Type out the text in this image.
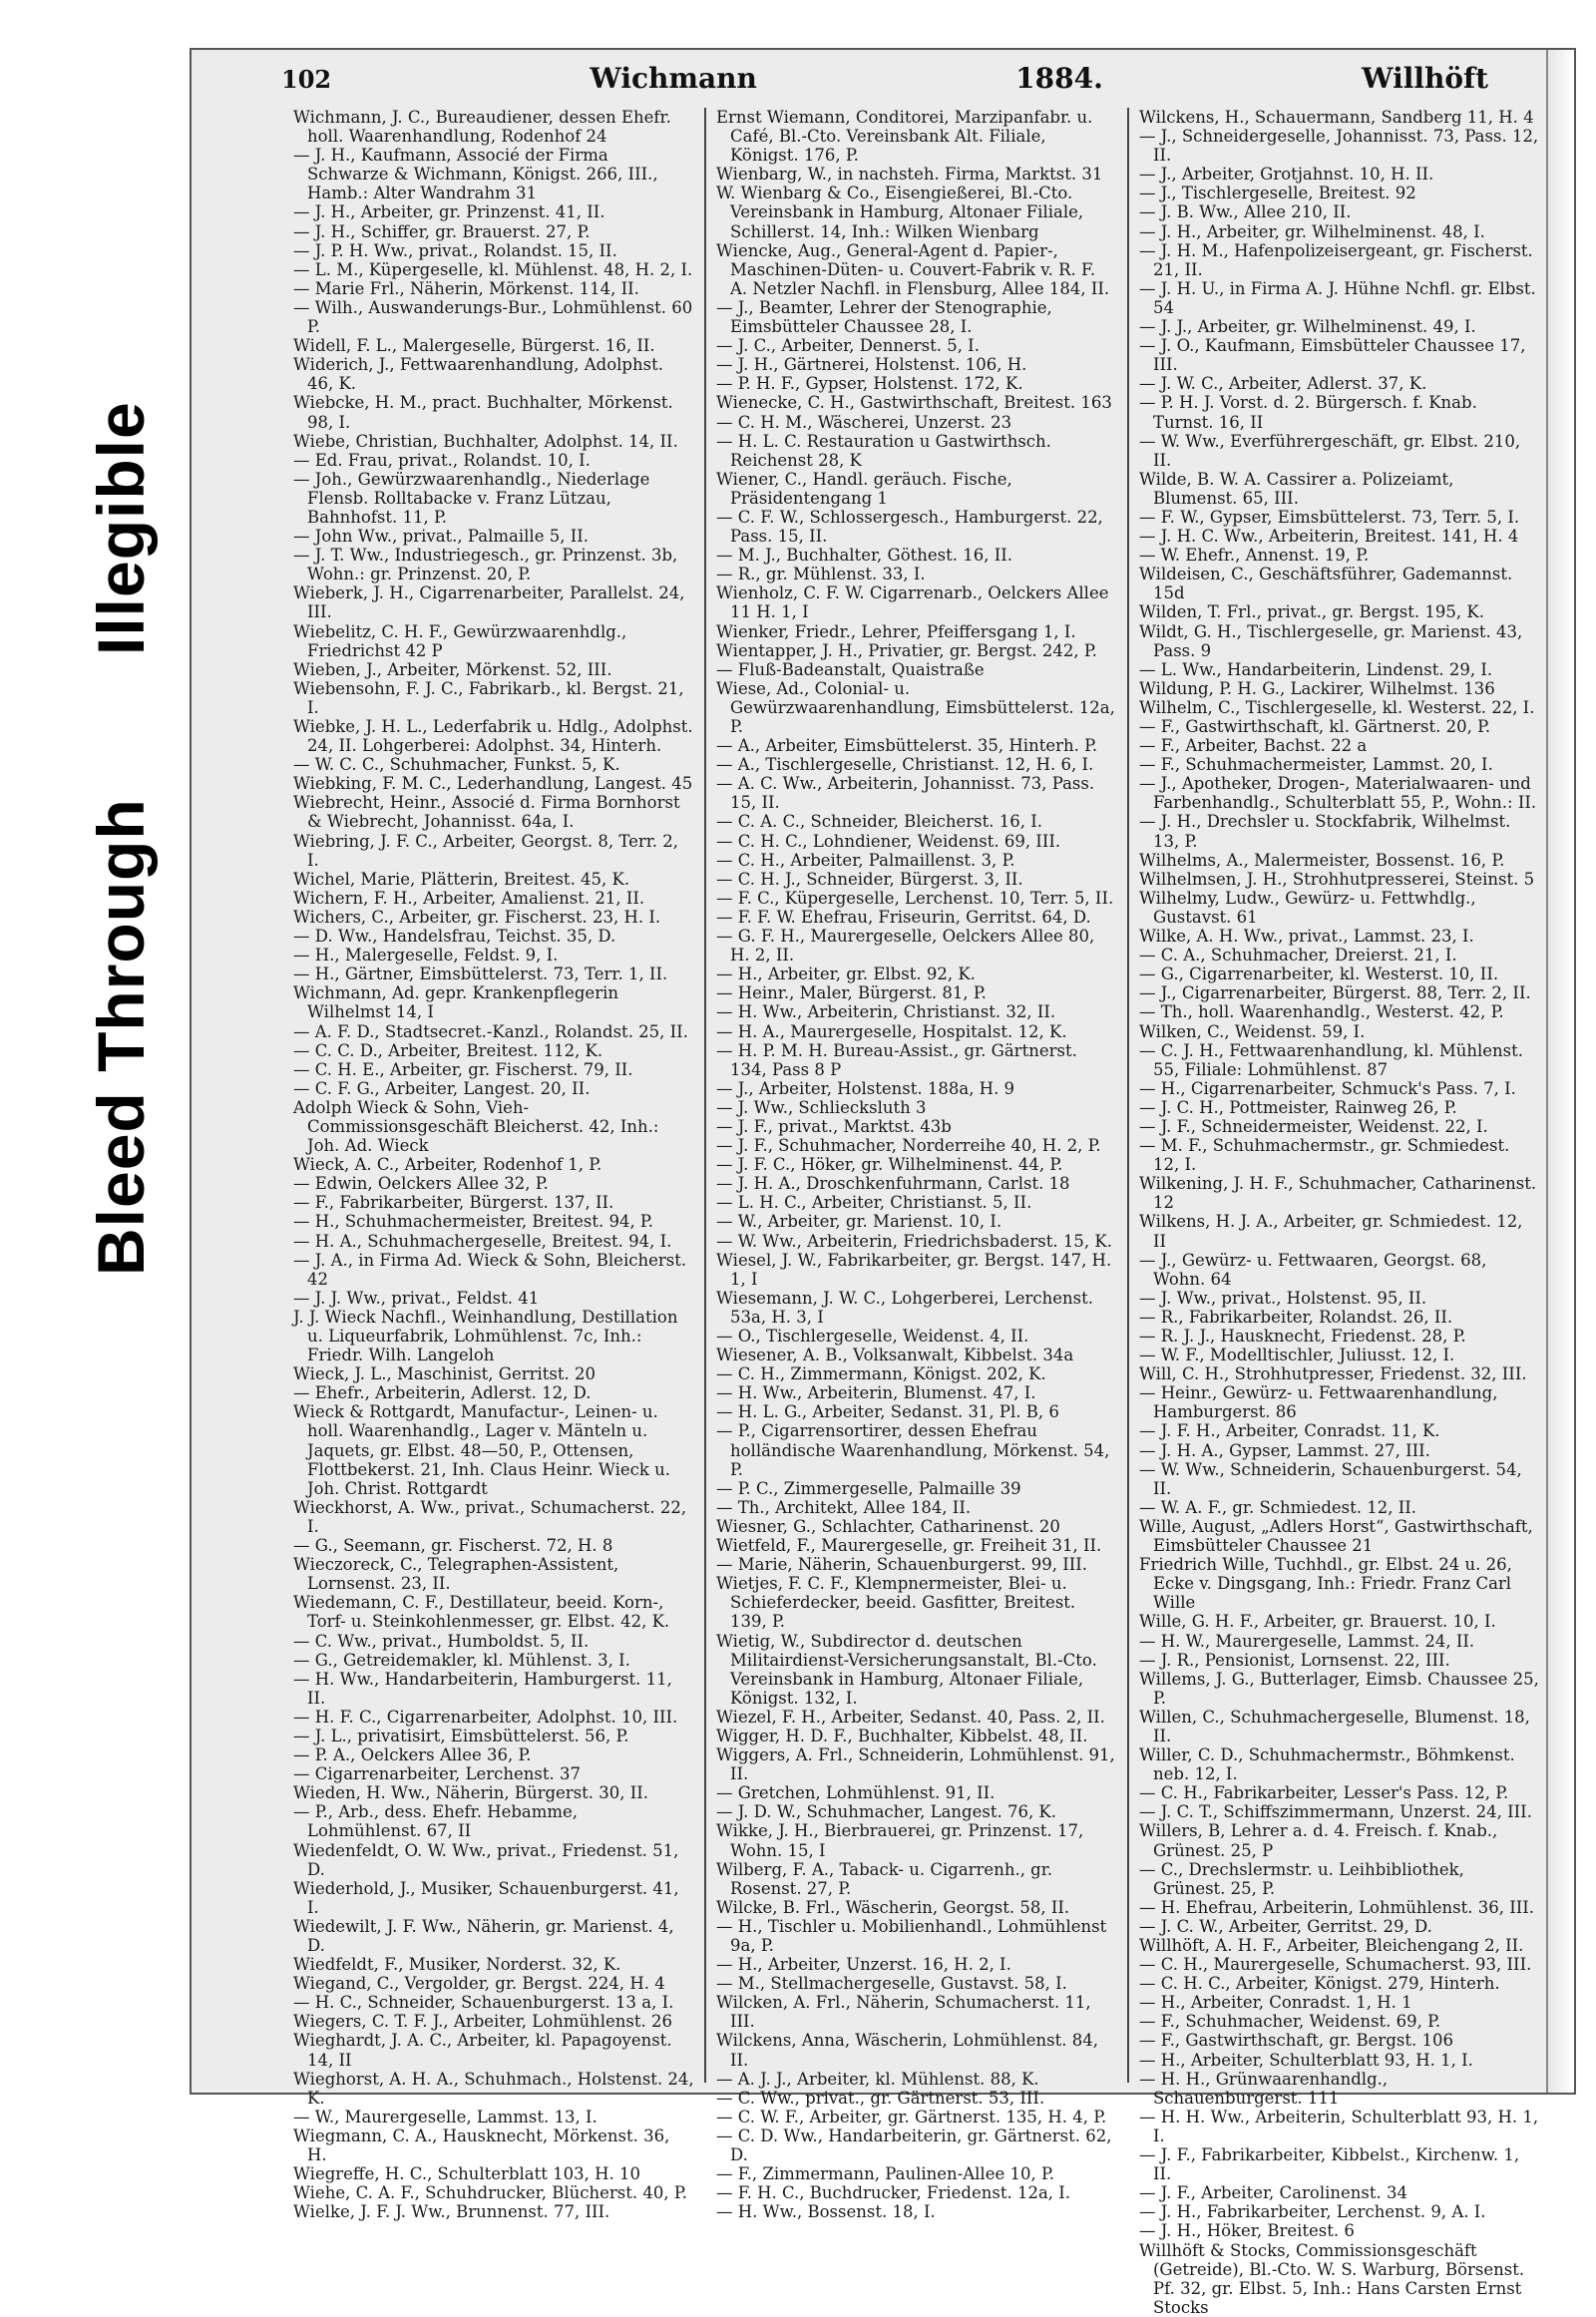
Illegible
Bleed Through
102	Wichmann	1884.	Willhöft
Wichmann, J. C., Bureaudiener, dessen Ehefr. holl. Waarenhandlung, Rodenhof 24
— J. H., Kaufmann, Associé der Firma Schwarze & Wichmann, Königst. 266, III., Hamb.: Alter Wandrahm 31
— J. H., Arbeiter, gr. Prinzenst. 41, II.
— J. H., Schiffer, gr. Brauerst. 27, P.
— J. P. H. Ww., privat., Rolandst. 15, II.
— L. M., Küpergeselle, kl. Mühlenst. 48, H. 2, I.
— Marie Frl., Näherin, Mörkenst. 114, II.
— Wilh., Auswanderungs-Bur., Lohmühlenst. 60 P.
Widell, F. L., Malergeselle, Bürgerst. 16, II.
Widerich, J., Fettwaarenhandlung, Adolphst. 46, K.
Wiebcke, H. M., pract. Buchhalter, Mörkenst. 98, I.
Wiebe, Christian, Buchhalter, Adolphst. 14, II.
— Ed. Frau, privat., Rolandst. 10, I.
— Joh., Gewürzwaarenhandlg., Niederlage Flensb. Rolltabacke v. Franz Lützau, Bahnhofst. 11, P.
— John Ww., privat., Palmaille 5, II.
— J. T. Ww., Industriegesch., gr. Prinzenst. 3b, Wohn.: gr. Prinzenst. 20, P.
Wieberk, J. H., Cigarrenarbeiter, Parallelst. 24, III.
Wiebelitz, C. H. F., Gewürzwaarenhdlg., Friedrichst 42 P
Wieben, J., Arbeiter, Mörkenst. 52, III.
Wiebensohn, F. J. C., Fabrikarb., kl. Bergst. 21, I.
Wiebke, J. H. L., Lederfabrik u. Hdlg., Adolphst. 24, II. Lohgerberei: Adolphst. 34, Hinterh.
— W. C. C., Schuhmacher, Funkst. 5, K.
Wiebking, F. M. C., Lederhandlung, Langest. 45
Wiebrecht, Heinr., Associé d. Firma Bornhorst & Wiebrecht, Johannisst. 64a, I.
Wiebring, J. F. C., Arbeiter, Georgst. 8, Terr. 2, I.
Wichel, Marie, Plätterin, Breitest. 45, K.
Wichern, F. H., Arbeiter, Amalienst. 21, II.
Wichers, C., Arbeiter, gr. Fischerst. 23, H. I.
— D. Ww., Handelsfrau, Teichst. 35, D.
— H., Malergeselle, Feldst. 9, I.
— H., Gärtner, Eimsbüttelerst. 73, Terr. 1, II.
Wichmann, Ad. gepr. Krankenpflegerin Wilhelmst 14, I
— A. F. D., Stadtsecret.-Kanzl., Rolandst. 25, II.
— C. C. D., Arbeiter, Breitest. 112, K.
— C. H. E., Arbeiter, gr. Fischerst. 79, II.
— C. F. G., Arbeiter, Langest. 20, II.
Adolph Wieck & Sohn, Vieh-Commissionsgeschäft Bleicherst. 42, Inh.: Joh. Ad. Wieck
Wieck, A. C., Arbeiter, Rodenhof 1, P.
— Edwin, Oelckers Allee 32, P.
— F., Fabrikarbeiter, Bürgerst. 137, II.
— H., Schuhmachermeister, Breitest. 94, P.
— H. A., Schuhmachergeselle, Breitest. 94, I.
— J. A., in Firma Ad. Wieck & Sohn, Bleicherst. 42
— J. J. Ww., privat., Feldst. 41
J. J. Wieck Nachfl., Weinhandlung, Destillation u. Liqueurfabrik, Lohmühlenst. 7c, Inh.: Friedr. Wilh. Langeloh
Wieck, J. L., Maschinist, Gerritst. 20
— Ehefr., Arbeiterin, Adlerst. 12, D.
Wieck & Rottgardt, Manufactur-, Leinen- u. holl. Waarenhandlg., Lager v. Mänteln u. Jaquets, gr. Elbst. 48—50, P., Ottensen, Flottbekerst. 21, Inh. Claus Heinr. Wieck u. Joh. Christ. Rottgardt
Wieckhorst, A. Ww., privat., Schumacherst. 22, I.
— G., Seemann, gr. Fischerst. 72, H. 8
Wieczoreck, C., Telegraphen-Assistent, Lornsenst. 23, II.
Wiedemann, C. F., Destillateur, beeid. Korn-, Torf- u. Steinkohlenmesser, gr. Elbst. 42, K.
— C. Ww., privat., Humboldst. 5, II.
— G., Getreidemakler, kl. Mühlenst. 3, I.
— H. Ww., Handarbeiterin, Hamburgerst. 11, II.
— H. F. C., Cigarrenarbeiter, Adolphst. 10, III.
— J. L., privatisirt, Eimsbüttelerst. 56, P.
— P. A., Oelckers Allee 36, P.
— Cigarrenarbeiter, Lerchenst. 37
Wieden, H. Ww., Näherin, Bürgerst. 30, II.
— P., Arb., dess. Ehefr. Hebamme, Lohmühlenst. 67, II
Wiedenfeldt, O. W. Ww., privat., Friedenst. 51, D.
Wiederhold, J., Musiker, Schauenburgerst. 41, I.
Wiedewilt, J. F. Ww., Näherin, gr. Marienst. 4, D.
Wiedfeldt, F., Musiker, Norderst. 32, K.
Wiegand, C., Vergolder, gr. Bergst. 224, H. 4
— H. C., Schneider, Schauenburgerst. 13 a, I.
Wiegers, C. T. F. J., Arbeiter, Lohmühlenst. 26
Wieghardt, J. A. C., Arbeiter, kl. Papagoyenst. 14, II
Wieghorst, A. H. A., Schuhmach., Holstenst. 24, K.
— W., Maurergeselle, Lammst. 13, I.
Wiegmann, C. A., Hausknecht, Mörkenst. 36, H.
Wiegreffe, H. C., Schulterblatt 103, H. 10
Wiehe, C. A. F., Schuhdrucker, Blücherst. 40, P.
Wielke, J. F. J. Ww., Brunnenst. 77, III.
Ernst Wiemann, Conditorei, Marzipanfabr. u. Café, Bl.-Cto. Vereinsbank Alt. Filiale, Königst. 176, P.
Wienbarg, W., in nachsteh. Firma, Marktst. 31
W. Wienbarg & Co., Eisengießerei, Bl.-Cto. Vereinsbank in Hamburg, Altonaer Filiale, Schillerst. 14, Inh.: Wilken Wienbarg
Wiencke, Aug., General-Agent d. Papier-, Maschinen-Düten- u. Couvert-Fabrik v. R. F. A. Netzler Nachfl. in Flensburg, Allee 184, II.
— J., Beamter, Lehrer der Stenographie, Eimsbütteler Chaussee 28, I.
— J. C., Arbeiter, Dennerst. 5, I.
— J. H., Gärtnerei, Holstenst. 106, H.
— P. H. F., Gypser, Holstenst. 172, K.
Wienecke, C. H., Gastwirthschaft, Breitest. 163
— C. H. M., Wäscherei, Unzerst. 23
— H. L. C. Restauration u Gastwirthsch. Reichenst 28, K
Wiener, C., Handl. geräuch. Fische, Präsidentengang 1
— C. F. W., Schlossergesch., Hamburgerst. 22, Pass. 15, II.
— M. J., Buchhalter, Göthest. 16, II.
— R., gr. Mühlenst. 33, I.
Wienholz, C. F. W. Cigarrenarb., Oelckers Allee 11 H. 1, I
Wienker, Friedr., Lehrer, Pfeiffersgang 1, I.
Wientapper, J. H., Privatier, gr. Bergst. 242, P.
— Fluß-Badeanstalt, Quaistraße
Wiese, Ad., Colonial- u. Gewürzwaarenhandlung, Eimsbüttelerst. 12a, P.
— A., Arbeiter, Eimsbüttelerst. 35, Hinterh. P.
— A., Tischlergeselle, Christianst. 12, H. 6, I.
— A. C. Ww., Arbeiterin, Johannisst. 73, Pass. 15, II.
— C. A. C., Schneider, Bleicherst. 16, I.
— C. H. C., Lohndiener, Weidenst. 69, III.
— C. H., Arbeiter, Palmaillenst. 3, P.
— C. H. J., Schneider, Bürgerst. 3, II.
— F. C., Küpergeselle, Lerchenst. 10, Terr. 5, II.
— F. F. W. Ehefrau, Friseurin, Gerritst. 64, D.
— G. F. H., Maurergeselle, Oelckers Allee 80, H. 2, II.
— H., Arbeiter, gr. Elbst. 92, K.
— Heinr., Maler, Bürgerst. 81, P.
— H. Ww., Arbeiterin, Christianst. 32, II.
— H. A., Maurergeselle, Hospitalst. 12, K.
— H. P. M. H. Bureau-Assist., gr. Gärtnerst. 134, Pass 8 P
— J., Arbeiter, Holstenst. 188a, H. 9
— J. Ww., Schliecksluth 3
— J. F., privat., Marktst. 43b
— J. F., Schuhmacher, Norderreihe 40, H. 2, P.
— J. F. C., Höker, gr. Wilhelminenst. 44, P.
— J. H. A., Droschkenfuhrmann, Carlst. 18
— L. H. C., Arbeiter, Christianst. 5, II.
— W., Arbeiter, gr. Marienst. 10, I.
— W. Ww., Arbeiterin, Friedrichsbaderst. 15, K.
Wiesel, J. W., Fabrikarbeiter, gr. Bergst. 147, H. 1, I
Wiesemann, J. W. C., Lohgerberei, Lerchenst. 53a, H. 3, I
— O., Tischlergeselle, Weidenst. 4, II.
Wiesener, A. B., Volksanwalt, Kibbelst. 34a
— C. H., Zimmermann, Königst. 202, K.
— H. Ww., Arbeiterin, Blumenst. 47, I.
— H. L. G., Arbeiter, Sedanst. 31, Pl. B, 6
— P., Cigarrensortirer, dessen Ehefrau holländische Waarenhandlung, Mörkenst. 54, P.
— P. C., Zimmergeselle, Palmaille 39
— Th., Architekt, Allee 184, II.
Wiesner, G., Schlachter, Catharinenst. 20
Wietfeld, F., Maurergeselle, gr. Freiheit 31, II.
— Marie, Näherin, Schauenburgerst. 99, III.
Wietjes, F. C. F., Klempnermeister, Blei- u. Schieferdecker, beeid. Gasfitter, Breitest. 139, P.
Wietig, W., Subdirector d. deutschen Militairdienst-Versicherungsanstalt, Bl.-Cto. Vereinsbank in Hamburg, Altonaer Filiale, Königst. 132, I.
Wiezel, F. H., Arbeiter, Sedanst. 40, Pass. 2, II.
Wigger, H. D. F., Buchhalter, Kibbelst. 48, II.
Wiggers, A. Frl., Schneiderin, Lohmühlenst. 91, II.
— Gretchen, Lohmühlenst. 91, II.
— J. D. W., Schuhmacher, Langest. 76, K.
Wikke, J. H., Bierbrauerei, gr. Prinzenst. 17, Wohn. 15, I
Wilberg, F. A., Taback- u. Cigarrenh., gr. Rosenst. 27, P.
Wilcke, B. Frl., Wäscherin, Georgst. 58, II.
— H., Tischler u. Mobilienhandl., Lohmühlenst 9a, P.
— H., Arbeiter, Unzerst. 16, H. 2, I.
— M., Stellmachergeselle, Gustavst. 58, I.
Wilcken, A. Frl., Näherin, Schumacherst. 11, III.
Wilckens, Anna, Wäscherin, Lohmühlenst. 84, II.
— A. J. J., Arbeiter, kl. Mühlenst. 88, K.
— C. Ww., privat., gr. Gärtnerst. 53, III.
— C. W. F., Arbeiter, gr. Gärtnerst. 135, H. 4, P.
— C. D. Ww., Handarbeiterin, gr. Gärtnerst. 62, D.
— F., Zimmermann, Paulinen-Allee 10, P.
— F. H. C., Buchdrucker, Friedenst. 12a, I.
— H. Ww., Bossenst. 18, I.
Wilckens, H., Schauermann, Sandberg 11, H. 4
— J., Schneidergeselle, Johannisst. 73, Pass. 12, II.
— J., Arbeiter, Grotjahnst. 10, H. II.
— J., Tischlergeselle, Breitest. 92
— J. B. Ww., Allee 210, II.
— J. H., Arbeiter, gr. Wilhelminenst. 48, I.
— J. H. M., Hafenpolizeisergeant, gr. Fischerst. 21, II.
— J. H. U., in Firma A. J. Hühne Nchfl. gr. Elbst. 54
— J. J., Arbeiter, gr. Wilhelminenst. 49, I.
— J. O., Kaufmann, Eimsbütteler Chaussee 17, III.
— J. W. C., Arbeiter, Adlerst. 37, K.
— P. H. J. Vorst. d. 2. Bürgersch. f. Knab. Turnst. 16, II
— W. Ww., Everführergeschäft, gr. Elbst. 210, II.
Wilde, B. W. A. Cassirer a. Polizeiamt, Blumenst. 65, III.
— F. W., Gypser, Eimsbüttelerst. 73, Terr. 5, I.
— J. H. C. Ww., Arbeiterin, Breitest. 141, H. 4
— W. Ehefr., Annenst. 19, P.
Wildeisen, C., Geschäftsführer, Gademannst. 15d
Wilden, T. Frl., privat., gr. Bergst. 195, K.
Wildt, G. H., Tischlergeselle, gr. Marienst. 43, Pass. 9
— L. Ww., Handarbeiterin, Lindenst. 29, I.
Wildung, P. H. G., Lackirer, Wilhelmst. 136
Wilhelm, C., Tischlergeselle, kl. Westerst. 22, I.
— F., Gastwirthschaft, kl. Gärtnerst. 20, P.
— F., Arbeiter, Bachst. 22 a
— F., Schuhmachermeister, Lammst. 20, I.
— J., Apotheker, Drogen-, Materialwaaren- und Farbenhandlg., Schulterblatt 55, P., Wohn.: II.
— J. H., Drechsler u. Stockfabrik, Wilhelmst. 13, P.
Wilhelms, A., Malermeister, Bossenst. 16, P.
Wilhelmsen, J. H., Strohhutpresserei, Steinst. 5
Wilhelmy, Ludw., Gewürz- u. Fettwhdlg., Gustavst. 61
Wilke, A. H. Ww., privat., Lammst. 23, I.
— C. A., Schuhmacher, Dreierst. 21, I.
— G., Cigarrenarbeiter, kl. Westerst. 10, II.
— J., Cigarrenarbeiter, Bürgerst. 88, Terr. 2, II.
— Th., holl. Waarenhandlg., Westerst. 42, P.
Wilken, C., Weidenst. 59, I.
— C. J. H., Fettwaarenhandlung, kl. Mühlenst. 55, Filiale: Lohmühlenst. 87
— H., Cigarrenarbeiter, Schmuck's Pass. 7, I.
— J. C. H., Pottmeister, Rainweg 26, P.
— J. F., Schneidermeister, Weidenst. 22, I.
— M. F., Schuhmachermstr., gr. Schmiedest. 12, I.
Wilkening, J. H. F., Schuhmacher, Catharinenst. 12
Wilkens, H. J. A., Arbeiter, gr. Schmiedest. 12, II
— J., Gewürz- u. Fettwaaren, Georgst. 68, Wohn. 64
— J. Ww., privat., Holstenst. 95, II.
— R., Fabrikarbeiter, Rolandst. 26, II.
— R. J. J., Hausknecht, Friedenst. 28, P.
— W. F., Modelltischler, Juliusst. 12, I.
Will, C. H., Strohhutpresser, Friedenst. 32, III.
— Heinr., Gewürz- u. Fettwaarenhandlung, Hamburgerst. 86
— J. F. H., Arbeiter, Conradst. 11, K.
— J. H. A., Gypser, Lammst. 27, III.
— W. Ww., Schneiderin, Schauenburgerst. 54, II.
— W. A. F., gr. Schmiedest. 12, II.
Wille, August, „Adlers Horst“, Gastwirthschaft, Eimsbütteler Chaussee 21
Friedrich Wille, Tuchhdl., gr. Elbst. 24 u. 26, Ecke v. Dingsgang, Inh.: Friedr. Franz Carl Wille
Wille, G. H. F., Arbeiter, gr. Brauerst. 10, I.
— H. W., Maurergeselle, Lammst. 24, II.
— J. R., Pensionist, Lornsenst. 22, III.
Willems, J. G., Butterlager, Eimsb. Chaussee 25, P.
Willen, C., Schuhmachergeselle, Blumenst. 18, II.
Willer, C. D., Schuhmachermstr., Böhmkenst. neb. 12, I.
— C. H., Fabrikarbeiter, Lesser's Pass. 12, P.
— J. C. T., Schiffszimmermann, Unzerst. 24, III.
Willers, B, Lehrer a. d. 4. Freisch. f. Knab., Grünest. 25, P
— C., Drechslermstr. u. Leihbibliothek, Grünest. 25, P.
— H. Ehefrau, Arbeiterin, Lohmühlenst. 36, III.
— J. C. W., Arbeiter, Gerritst. 29, D.
Willhöft, A. H. F., Arbeiter, Bleichengang 2, II.
— C. H., Maurergeselle, Schumacherst. 93, III.
— C. H. C., Arbeiter, Königst. 279, Hinterh.
— H., Arbeiter, Conradst. 1, H. 1
— F., Schuhmacher, Weidenst. 69, P.
— F., Gastwirthschaft, gr. Bergst. 106
— H., Arbeiter, Schulterblatt 93, H. 1, I.
— H. H., Grünwaarenhandlg., Schauenburgerst. 111
— H. H. Ww., Arbeiterin, Schulterblatt 93, H. 1, I.
— J. F., Fabrikarbeiter, Kibbelst., Kirchenw. 1, II.
— J. F., Arbeiter, Carolinenst. 34
— J. H., Fabrikarbeiter, Lerchenst. 9, A. I.
— J. H., Höker, Breitest. 6
Willhöft & Stocks, Commissionsgeschäft (Getreide), Bl.-Cto. W. S. Warburg, Börsenst. Pf. 32, gr. Elbst. 5, Inh.: Hans Carsten Ernst Stocks
